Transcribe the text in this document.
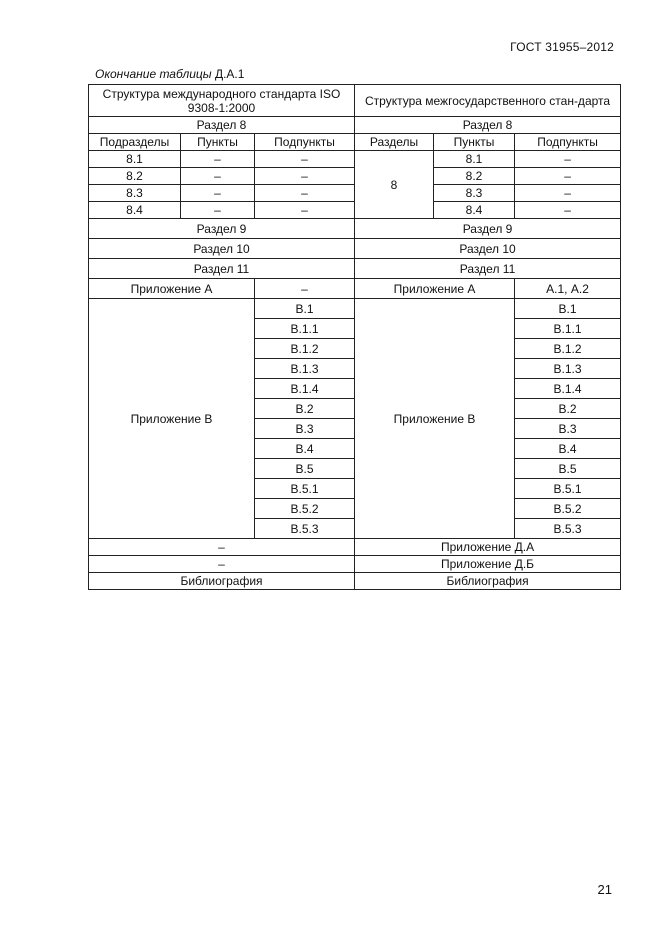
ГОСТ 31955–2012
Окончание таблицы Д.А.1
Структура международного стандарта ISO 9308-1:2000			Структура межгосударственного стан-дарта		
Раздел 8			Раздел 8		
Подразделы	Пункты	Подпункты	Разделы	Пункты	Подпункты
8.1	–	–	8	8.1	–
8.2	–	–		8.2	–
8.3	–	–		8.3	–
8.4	–	–		8.4	–
Раздел 9			Раздел 9		
Раздел 10			Раздел 10		
Раздел 11			Раздел 11		
Приложение А		–	Приложение А		А.1, А.2
Приложение В		В.1	Приложение В		В.1
		В.1.1			В.1.1
		В.1.2			В.1.2
		В.1.3			В.1.3
		В.1.4			В.1.4
		В.2			В.2
		В.3			В.3
		В.4			В.4
		В.5			В.5
		В.5.1			В.5.1
		В.5.2			В.5.2
		В.5.3			В.5.3
–			Приложение Д.А		
–			Приложение Д.Б		
Библиография			Библиография		
21
